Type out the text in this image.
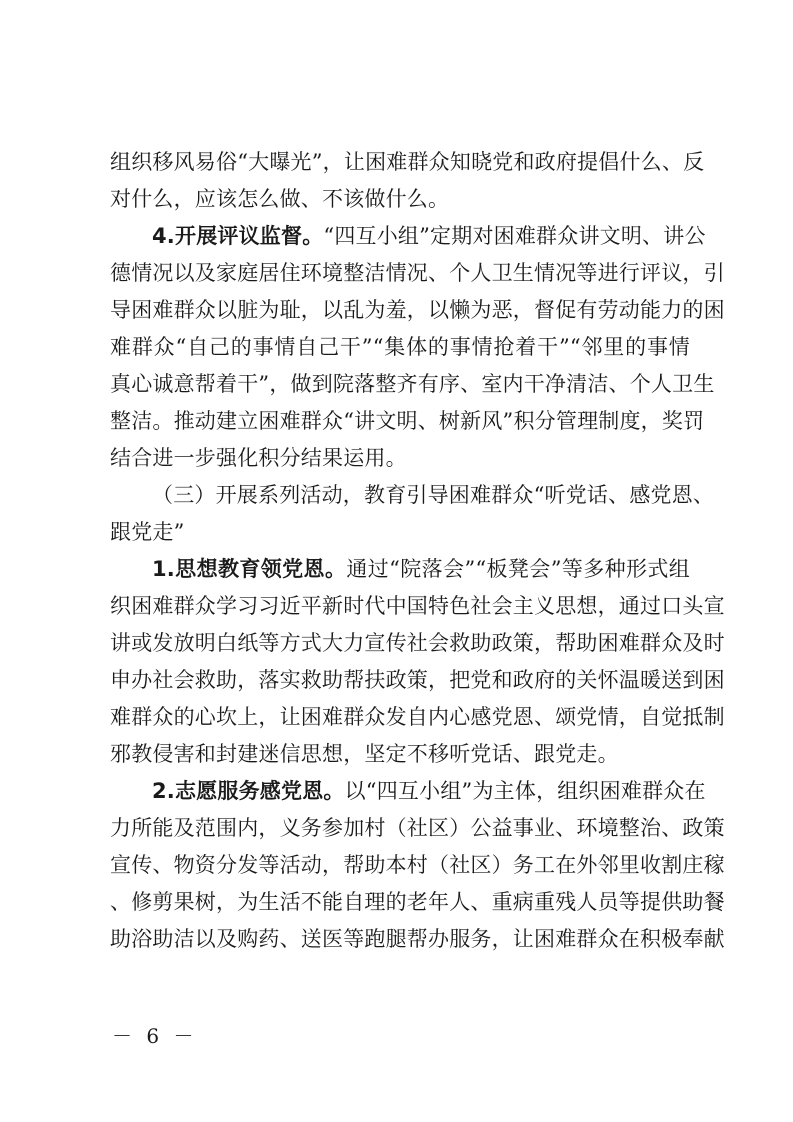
组织移风易俗“大曝光”，让困难群众知晓党和政府提倡什么、反
对什么，应该怎么做、不该做什么。
4.开展评议监督。“四互小组”定期对困难群众讲文明、讲公
德情况以及家庭居住环境整洁情况、个人卫生情况等进行评议，引
导困难群众以脏为耻，以乱为羞，以懒为恶，督促有劳动能力的困
难群众“自己的事情自己干”“集体的事情抢着干”“邻里的事情
真心诚意帮着干”，做到院落整齐有序、室内干净清洁、个人卫生
整洁。推动建立困难群众“讲文明、树新风”积分管理制度，奖罚
结合进一步强化积分结果运用。
（三）开展系列活动，教育引导困难群众“听党话、感党恩、
跟党走”
1.思想教育领党恩。通过“院落会”“板凳会”等多种形式组
织困难群众学习习近平新时代中国特色社会主义思想，通过口头宣
讲或发放明白纸等方式大力宣传社会救助政策，帮助困难群众及时
申办社会救助，落实救助帮扶政策，把党和政府的关怀温暖送到困
难群众的心坎上，让困难群众发自内心感党恩、颂党情，自觉抵制
邪教侵害和封建迷信思想，坚定不移听党话、跟党走。
2.志愿服务感党恩。以“四互小组”为主体，组织困难群众在
力所能及范围内，义务参加村（社区）公益事业、环境整治、政策
宣传、物资分发等活动，帮助本村（社区）务工在外邻里收割庄稼
、修剪果树，为生活不能自理的老年人、重病重残人员等提供助餐
助浴助洁以及购药、送医等跑腿帮办服务，让困难群众在积极奉献
－ 6 －
